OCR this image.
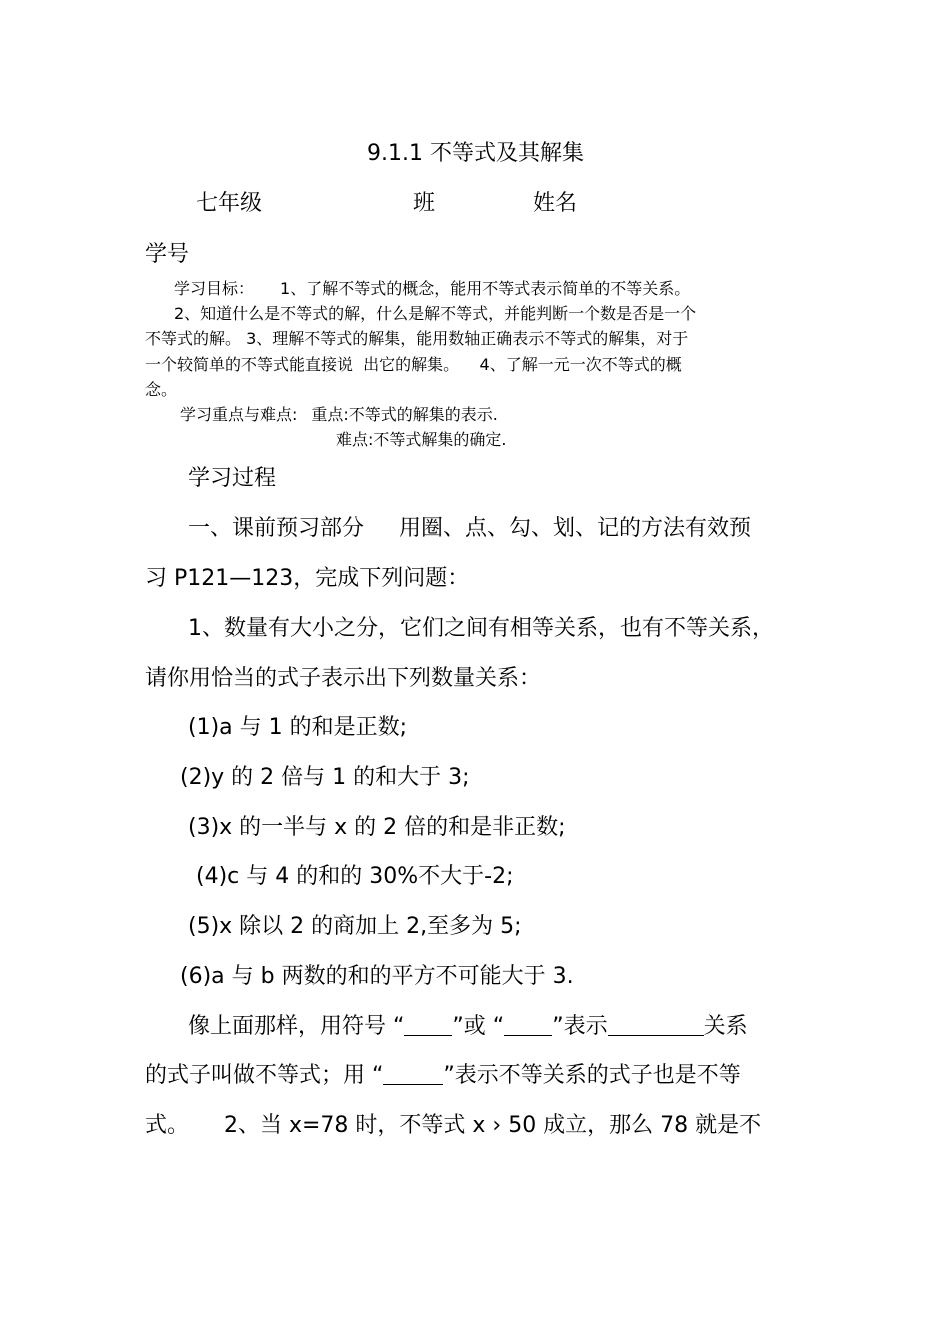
9.1.1 不等式及其解集
七年级	班	姓名
学号
学习目标： 1、了解不等式的概念，能用不等式表示简单的不等关系。
2、知道什么是不等式的解，什么是解不等式，并能判断一个数是否是一个
不等式的解。 3、理解不等式的解集，能用数轴正确表示不等式的解集，对于
一个较简单的不等式能直接说  出它的解集。    4、了解一元一次不等式的概
念。
学习重点与难点: 重点:不等式的解集的表示.
难点:不等式解集的确定.
学习过程
一、课前预习部分     用圈、点、勾、划、记的方法有效预
习 P121—123，完成下列问题：
1、数量有大小之分，它们之间有相等关系，也有不等关系，
请你用恰当的式子表示出下列数量关系：
(1)a 与 1 的和是正数;
(2)y 的 2 倍与 1 的和大于 3;
(3)x 的一半与 x 的 2 倍的和是非正数;
(4)c 与 4 的和的 30%不大于-2;
(5)x 除以 2 的商加上 2,至多为 5;
(6)a 与 b 两数的和的平方不可能大于 3.
像上面那样，用符号 “ ”或 “ ”表示	关系
的式子叫做不等式；用 “	”表示不等关系的式子也是不等
式。     2、当 x=78 时，不等式 x › 50 成立，那么 78 就是不
